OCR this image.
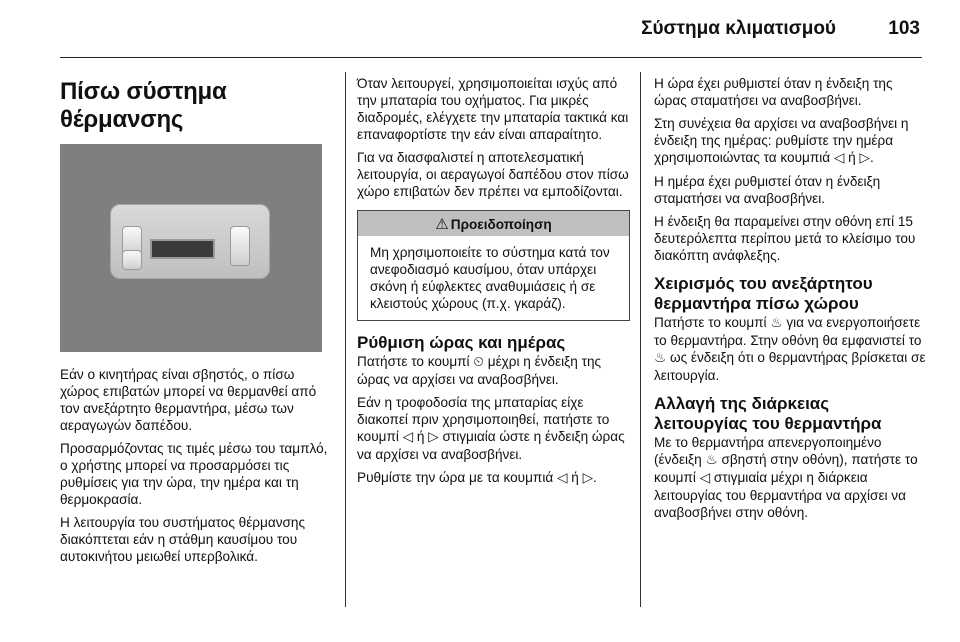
Σύστημα κλιματισμού	103
Πίσω σύστημα θέρμανσης

Εάν ο κινητήρας είναι σβηστός, ο πίσω χώρος επιβατών μπορεί να θερμανθεί από τον ανεξάρτητο θερμαντήρα, μέσω των αεραγωγών δαπέδου.

Προσαρμόζοντας τις τιμές μέσω του ταμπλό, ο χρήστης μπορεί να προσαρμόσει τις ρυθμίσεις για την ώρα, την ημέρα και τη θερμοκρασία.

Η λειτουργία του συστήματος θέρμανσης διακόπτεται εάν η στάθμη καυσίμου του αυτοκινήτου μειωθεί υπερβολικά.

Όταν λειτουργεί, χρησιμοποιείται ισχύς από την μπαταρία του οχήματος. Για μικρές διαδρομές, ελέγχετε την μπαταρία τακτικά και επαναφορτίστε την εάν είναι απαραίτητο.

Για να διασφαλιστεί η αποτελεσματική λειτουργία, οι αεραγωγοί δαπέδου στον πίσω χώρο επιβατών δεν πρέπει να εμποδίζονται.

⚠ Προειδοποίηση

Μη χρησιμοποιείτε το σύστημα κατά τον ανεφοδιασμό καυσίμου, όταν υπάρχει σκόνη ή εύφλεκτες αναθυμιάσεις ή σε κλειστούς χώρους (π.χ. γκαράζ).

Ρύθμιση ώρας και ημέρας

Πατήστε το κουμπί ⏲ μέχρι η ένδειξη της ώρας να αρχίσει να αναβοσβήνει.

Εάν η τροφοδοσία της μπαταρίας είχε διακοπεί πριν χρησιμοποιηθεί, πατήστε το κουμπί ◁ ή ▷ στιγμιαία ώστε η ένδειξη ώρας να αρχίσει να αναβοσβήνει.

Ρυθμίστε την ώρα με τα κουμπιά ◁ ή ▷.

Η ώρα έχει ρυθμιστεί όταν η ένδειξη της ώρας σταματήσει να αναβοσβήνει.

Στη συνέχεια θα αρχίσει να αναβοσβήνει η ένδειξη της ημέρας: ρυθμίστε την ημέρα χρησιμοποιώντας τα κουμπιά ◁ ή ▷.

Η ημέρα έχει ρυθμιστεί όταν η ένδειξη σταματήσει να αναβοσβήνει.

Η ένδειξη θα παραμείνει στην οθόνη επί 15 δευτερόλεπτα περίπου μετά το κλείσιμο του διακόπτη ανάφλεξης.

Χειρισμός του ανεξάρτητου θερμαντήρα πίσω χώρου

Πατήστε το κουμπί ♨ για να ενεργοποιήσετε το θερμαντήρα. Στην οθόνη θα εμφανιστεί το ♨ ως ένδειξη ότι ο θερμαντήρας βρίσκεται σε λειτουργία.

Αλλαγή της διάρκειας λειτουργίας του θερμαντήρα

Με το θερμαντήρα απενεργοποιημένο (ένδειξη ♨ σβηστή στην οθόνη), πατήστε το κουμπί ◁ στιγμιαία μέχρι η διάρκεια λειτουργίας του θερμαντήρα να αρχίσει να αναβοσβήνει στην οθόνη.
